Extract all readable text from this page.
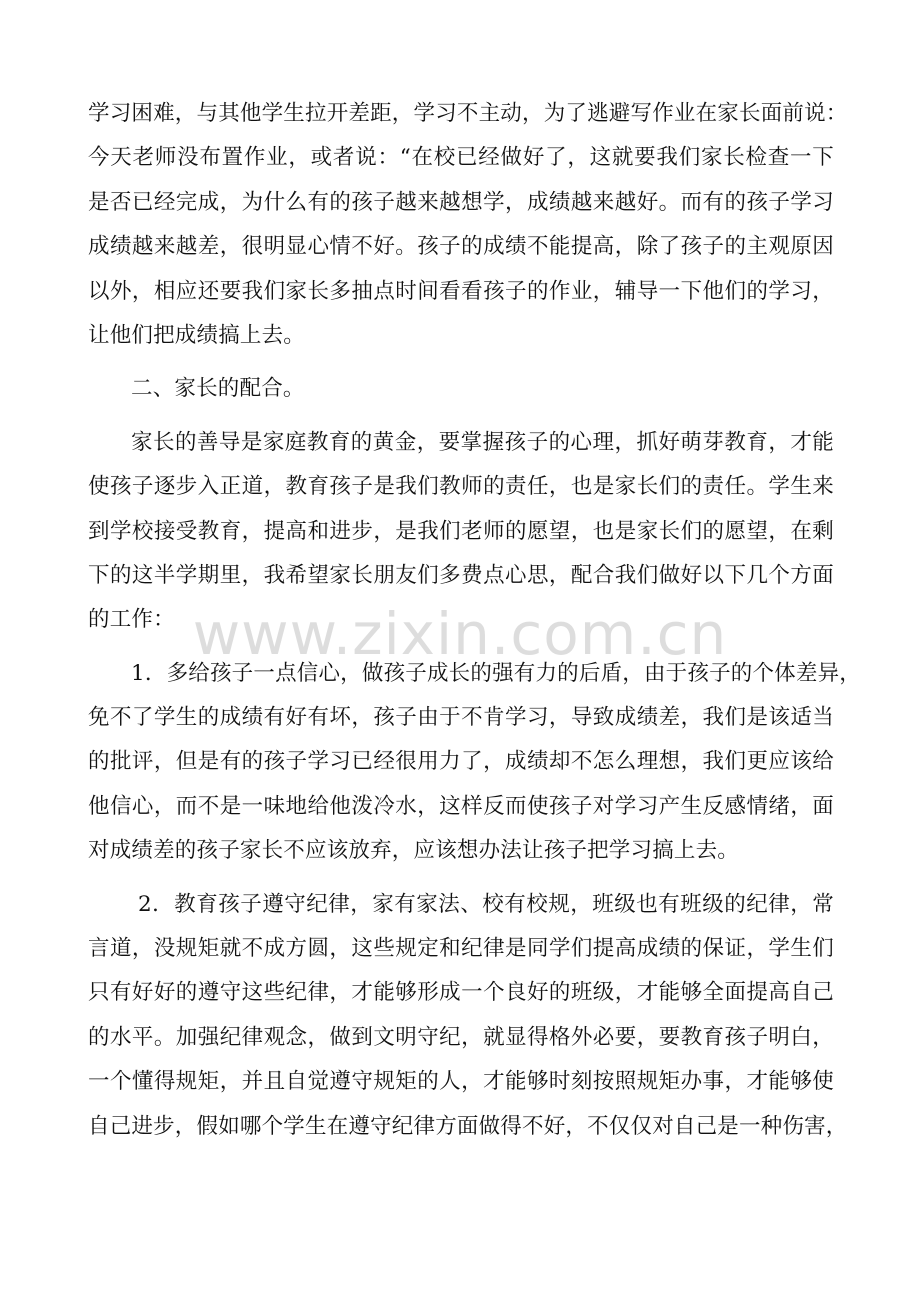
学习困难，与其他学生拉开差距，学习不主动，为了逃避写作业在家长面前说：
今天老师没布置作业，或者说：“在校已经做好了，这就要我们家长检查一下
是否已经完成，为什么有的孩子越来越想学，成绩越来越好。而有的孩子学习
成绩越来越差，很明显心情不好。孩子的成绩不能提高，除了孩子的主观原因
以外，相应还要我们家长多抽点时间看看孩子的作业，辅导一下他们的学习，
让他们把成绩搞上去。
二、家长的配合。
家长的善导是家庭教育的黄金，要掌握孩子的心理，抓好萌芽教育，才能
使孩子逐步入正道，教育孩子是我们教师的责任，也是家长们的责任。学生来
到学校接受教育，提高和进步，是我们老师的愿望，也是家长们的愿望，在剩
下的这半学期里，我希望家长朋友们多费点心思，配合我们做好以下几个方面
的工作：
1．多给孩子一点信心，做孩子成长的强有力的后盾，由于孩子的个体差异，
免不了学生的成绩有好有坏，孩子由于不肯学习，导致成绩差，我们是该适当
的批评，但是有的孩子学习已经很用力了，成绩却不怎么理想，我们更应该给
他信心，而不是一味地给他泼冷水，这样反而使孩子对学习产生反感情绪，面
对成绩差的孩子家长不应该放弃，应该想办法让孩子把学习搞上去。
2．教育孩子遵守纪律，家有家法、校有校规，班级也有班级的纪律，常
言道，没规矩就不成方圆，这些规定和纪律是同学们提高成绩的保证，学生们
只有好好的遵守这些纪律，才能够形成一个良好的班级，才能够全面提高自己
的水平。加强纪律观念，做到文明守纪，就显得格外必要，要教育孩子明白，
一个懂得规矩，并且自觉遵守规矩的人，才能够时刻按照规矩办事，才能够使
自己进步，假如哪个学生在遵守纪律方面做得不好，不仅仅对自己是一种伤害，
www.zixin.com.cn
